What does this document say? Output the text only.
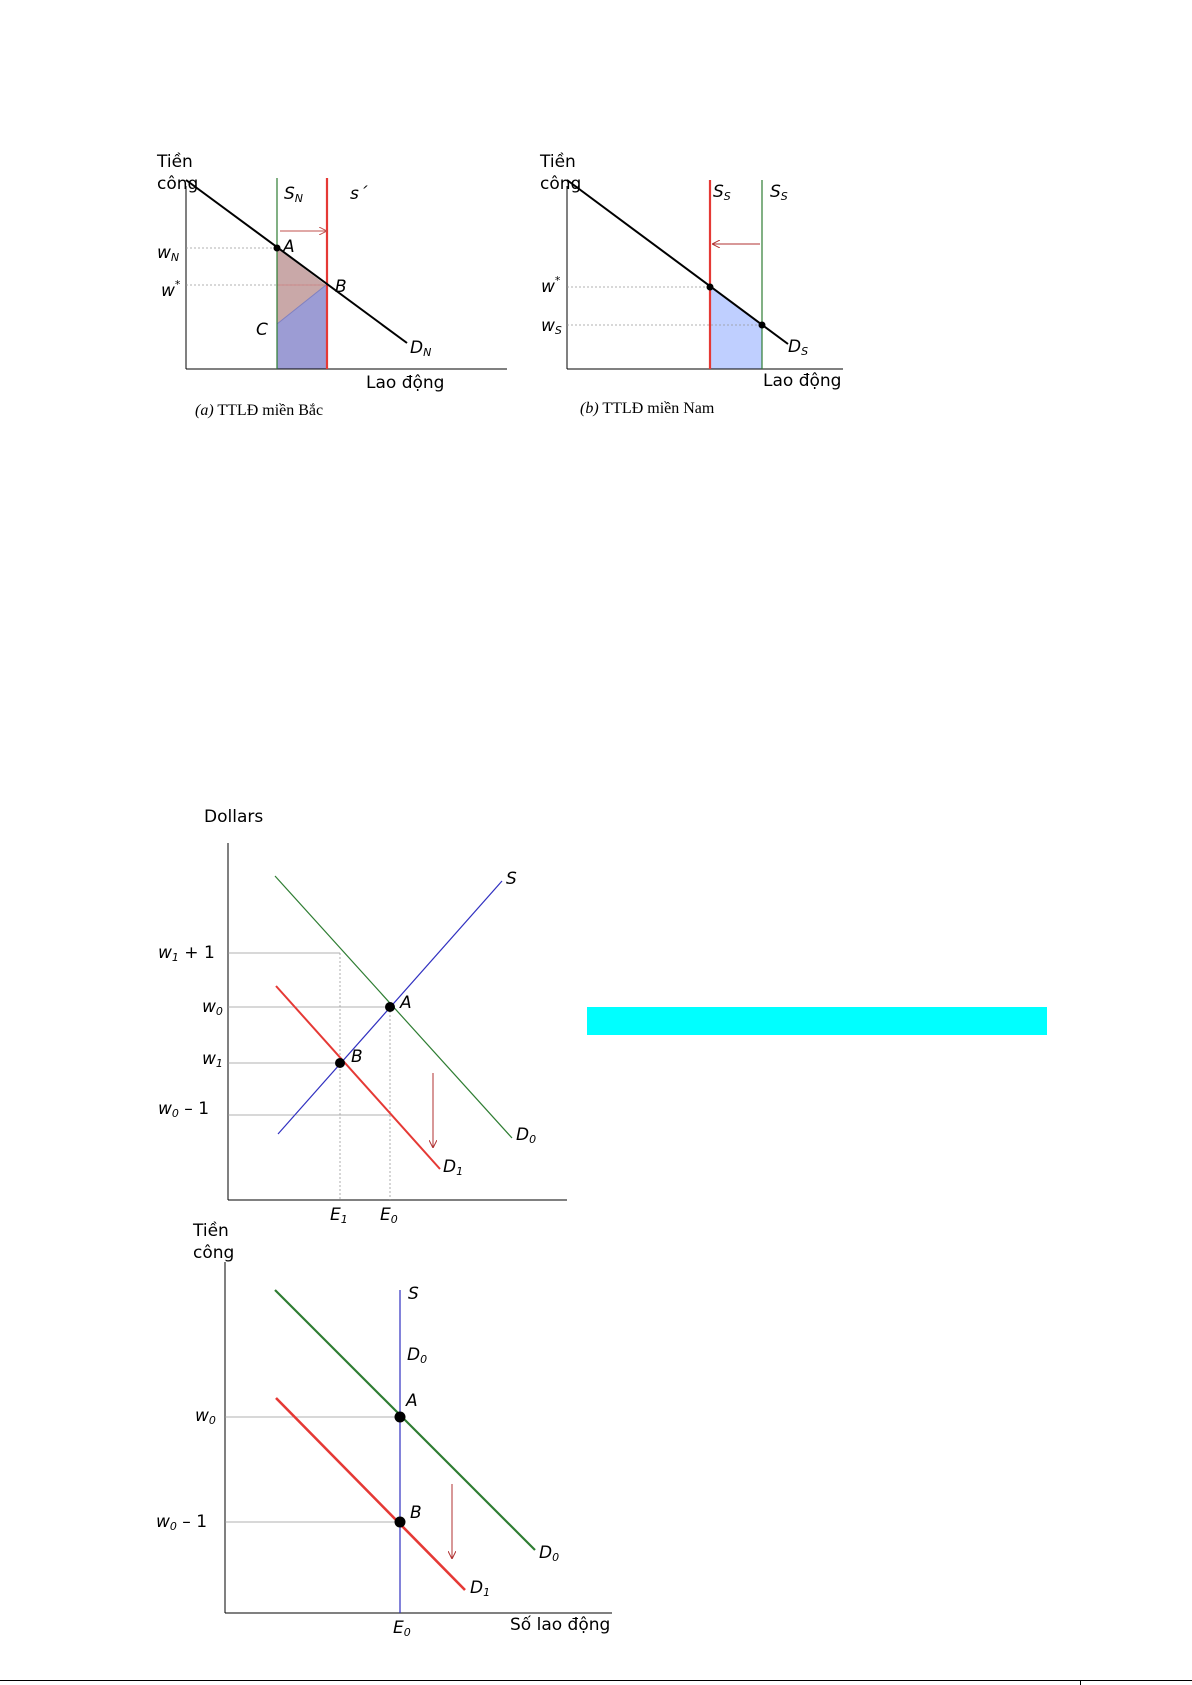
Tiền
công	SN	s´
wN
w*
A
B
C
DN
Lao động
(a) TTLĐ miền Bắc
Tiền
công	SS SS
w*
wS
DS
Lao động
(b) TTLĐ miền Nam
Dollars
w1 + 1
w0
w1
w0 – 1
S
A
B
D0
D1
E1 E0
Tiền
công
S
D0
A
B
w0
w0 – 1
D0
D1
E0	Số lao động
